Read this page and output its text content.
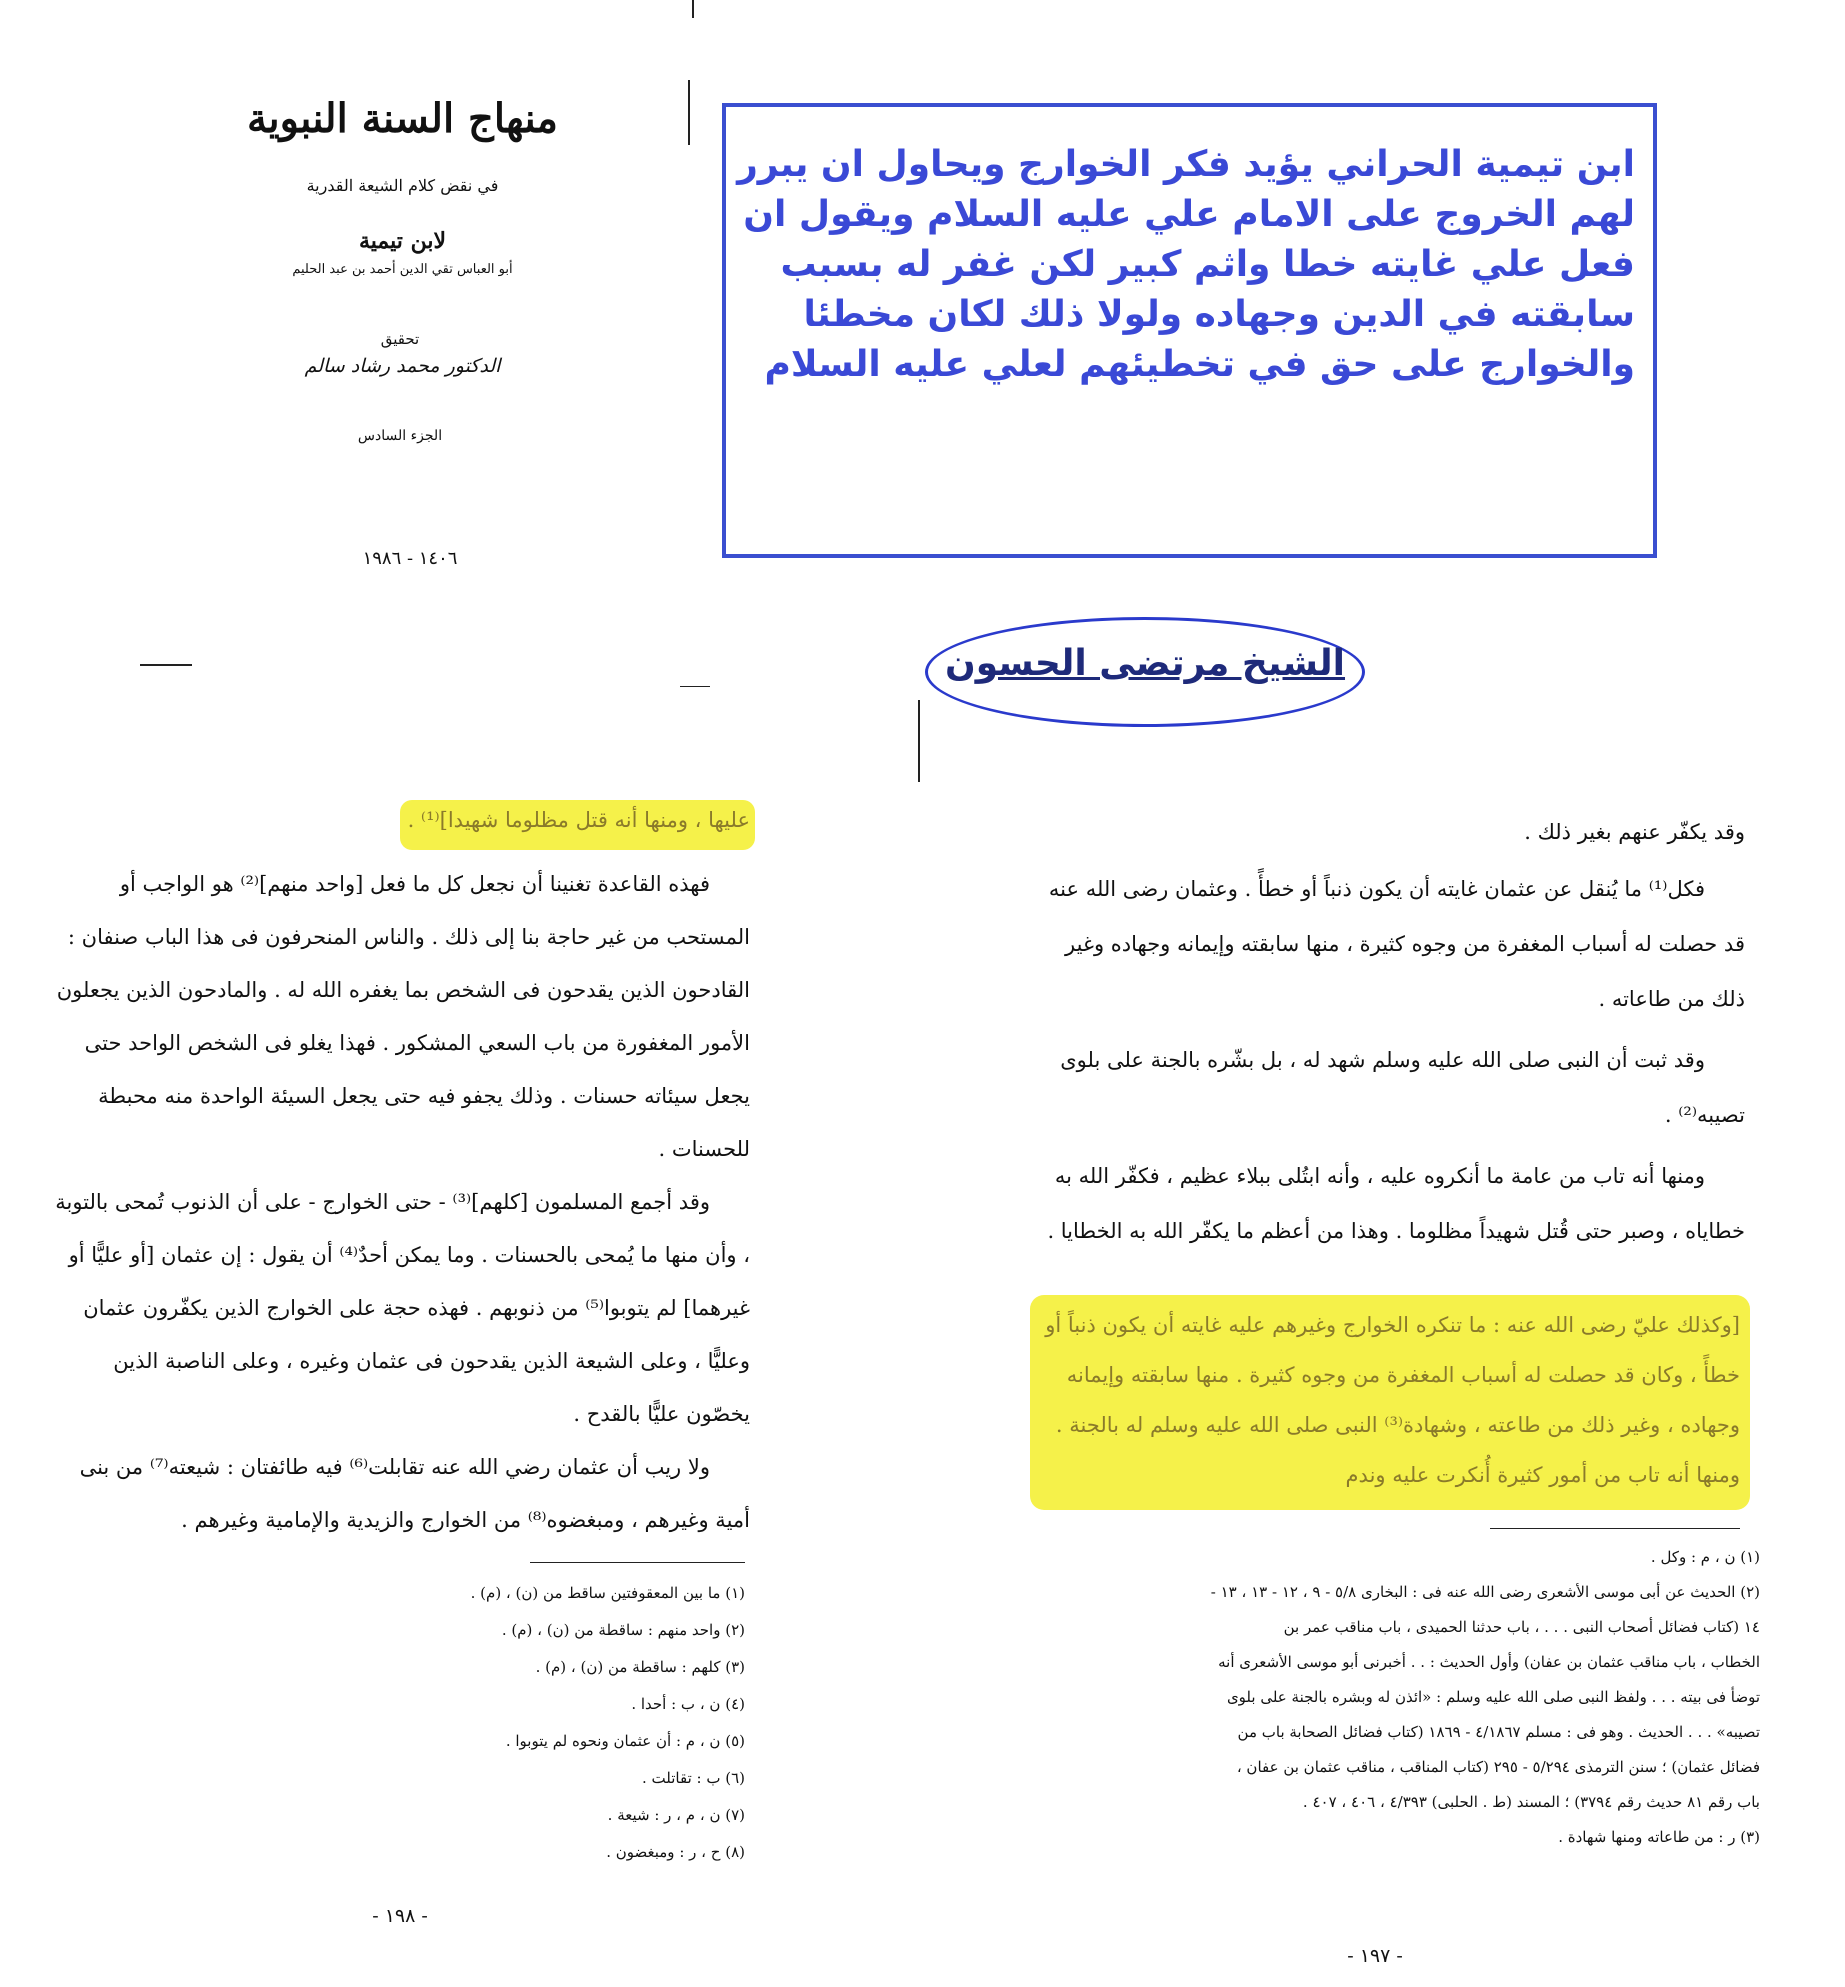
منهاج السنة النبوية
في نقض كلام الشيعة القدرية
لابن تيمية
أبو العباس تقي الدين أحمد بن عبد الحليم
تحقيق
الدكتور محمد رشاد سالم
الجزء السادس
١٤٠٦ - ١٩٨٦
ابن تيمية الحراني يؤيد فكر الخوارج ويحاول ان يبرر لهم الخروج على الامام علي عليه السلام ويقول ان فعل علي غايته خطا واثم كبير لكن غفر له بسبب سابقته في الدين وجهاده ولولا ذلك لكان مخطئا والخوارج على حق في تخطيئهم لعلي عليه السلام
الشيخ مرتضى الحسون

وقد يكفّر عنهم بغير ذلك .

فكل⁽¹⁾ ما يُنقل عن عثمان غايته أن يكون ذنباً أو خطأً . وعثمان رضى الله عنه قد حصلت له أسباب المغفرة من وجوه كثيرة ، منها سابقته وإيمانه وجهاده وغير ذلك من طاعاته .

وقد ثبت أن النبى صلى الله عليه وسلم شهد له ، بل بشّره بالجنة على بلوى تصيبه⁽²⁾ .

ومنها أنه تاب من عامة ما أنكروه عليه ، وأنه ابتُلى ببلاء عظيم ، فكفّر الله به خطاياه ، وصبر حتى قُتل شهيداً مظلوما . وهذا من أعظم ما يكفّر الله به الخطايا .

[وكذلك عليّ رضى الله عنه : ما تنكره الخوارج وغيرهم عليه غايته أن يكون ذنباً أو خطأً ، وكان قد حصلت له أسباب المغفرة من وجوه كثيرة . منها سابقته وإيمانه وجهاده ، وغير ذلك من طاعته ، وشهادة⁽³⁾ النبى صلى الله عليه وسلم له بالجنة . ومنها أنه تاب من أمور كثيرة أُنكرت عليه وندم
(١) ن ، م : وكل .
(٢) الحديث عن أبى موسى الأشعرى رضى الله عنه فى : البخارى ٥/٨ - ٩ ، ١٢ - ١٣ ، ١٣ -
١٤ (كتاب فضائل أصحاب النبى . . . ، باب حدثنا الحميدى ، باب مناقب عمر بن
الخطاب ، باب مناقب عثمان بن عفان) وأول الحديث : . . أخبرنى أبو موسى الأشعرى أنه
توضأ فى بيته . . . ولفظ النبى صلى الله عليه وسلم : «ائذن له وبشره بالجنة على بلوى
تصيبه» . . . الحديث . وهو فى : مسلم ٤/١٨٦٧ - ١٨٦٩ (كتاب فضائل الصحابة باب من
فضائل عثمان) ؛ سنن الترمذى ٥/٢٩٤ - ٢٩٥ (كتاب المناقب ، مناقب عثمان بن عفان ،
باب رقم ٨١ حديث رقم ٣٧٩٤) ؛ المسند (ط . الحلبى) ٤/٣٩٣ ، ٤٠٦ ، ٤٠٧ .
(٣) ر : من طاعاته ومنها شهادة .
- ١٩٧ -
عليها ، ومنها أنه قتل مظلوما شهيدا]⁽¹⁾ .

فهذه القاعدة تغنينا أن نجعل كل ما فعل [واحد منهم]⁽²⁾ هو الواجب أو المستحب من غير حاجة بنا إلى ذلك . والناس المنحرفون فى هذا الباب صنفان : القادحون الذين يقدحون فى الشخص بما يغفره الله له . والمادحون الذين يجعلون الأمور المغفورة من باب السعي المشكور . فهذا يغلو فى الشخص الواحد حتى يجعل سيئاته حسنات . وذلك يجفو فيه حتى يجعل السيئة الواحدة منه محبطة للحسنات .

وقد أجمع المسلمون [كلهم]⁽³⁾ - حتى الخوارج - على أن الذنوب تُمحى بالتوبة ، وأن منها ما يُمحى بالحسنات . وما يمكن أحدٌ⁽⁴⁾ أن يقول : إن عثمان [أو عليًّا أو غيرهما] لم يتوبوا⁽⁵⁾ من ذنوبهم . فهذه حجة على الخوارج الذين يكفّرون عثمان وعليًّا ، وعلى الشيعة الذين يقدحون فى عثمان وغيره ، وعلى الناصبة الذين يخصّون عليًّا بالقدح .

ولا ريب أن عثمان رضي الله عنه تقابلت⁽⁶⁾ فيه طائفتان : شيعته⁽⁷⁾ من بنى أمية وغيرهم ، ومبغضوه⁽⁸⁾ من الخوارج والزيدية والإمامية وغيرهم .

(١) ما بين المعقوفتين ساقط من (ن) ، (م) .
(٢) واحد منهم : ساقطة من (ن) ، (م) .
(٣) كلهم : ساقطة من (ن) ، (م) .
(٤) ن ، ب : أحدا .
(٥) ن ، م : أن عثمان ونحوه لم يتوبوا .
(٦) ب : تقاتلت .
(٧) ن ، م ، ر : شيعة .
(٨) ح ، ر : ومبغضون .
- ١٩٨ -
